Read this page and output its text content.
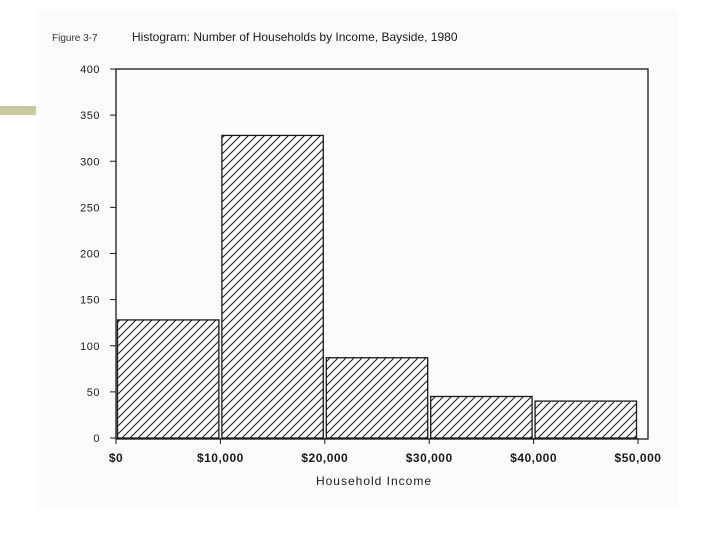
Figure 3-7	Histogram: Number of Households by Income, Bayside, 1980
0
50
100
150
200
250
300
350
400
$0	$10,000	$20,000	$30,000	$40,000	$50,000
Household Income
